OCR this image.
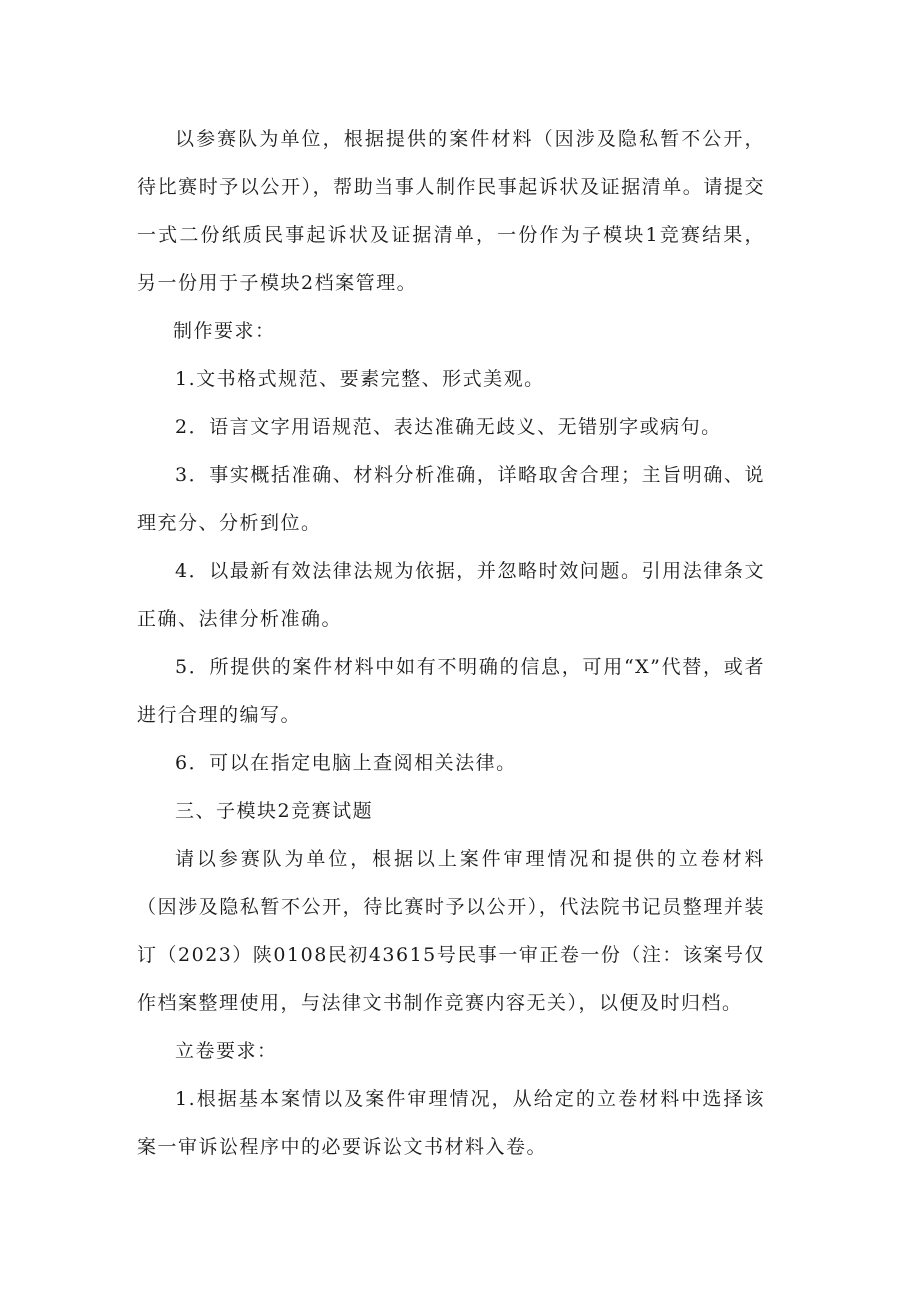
以参赛队为单位，根据提供的案件材料（因涉及隐私暂不公开，待比赛时予以公开），帮助当事人制作民事起诉状及证据清单。请提交一式二份纸质民事起诉状及证据清单，一份作为子模块1竞赛结果，另一份用于子模块2档案管理。

制作要求：

1.文书格式规范、要素完整、形式美观。

2．语言文字用语规范、表达准确无歧义、无错别字或病句。

3．事实概括准确、材料分析准确，详略取舍合理；主旨明确、说理充分、分析到位。

4．以最新有效法律法规为依据，并忽略时效问题。引用法律条文正确、法律分析准确。

5．所提供的案件材料中如有不明确的信息，可用“X”代替，或者进行合理的编写。

6．可以在指定电脑上查阅相关法律。

三、子模块2竞赛试题

请以参赛队为单位，根据以上案件审理情况和提供的立卷材料（因涉及隐私暂不公开，待比赛时予以公开），代法院书记员整理并装订（2023）陕0108民初43615号民事一审正卷一份（注：该案号仅作档案整理使用，与法律文书制作竞赛内容无关），以便及时归档。

立卷要求：

1.根据基本案情以及案件审理情况，从给定的立卷材料中选择该案一审诉讼程序中的必要诉讼文书材料入卷。
